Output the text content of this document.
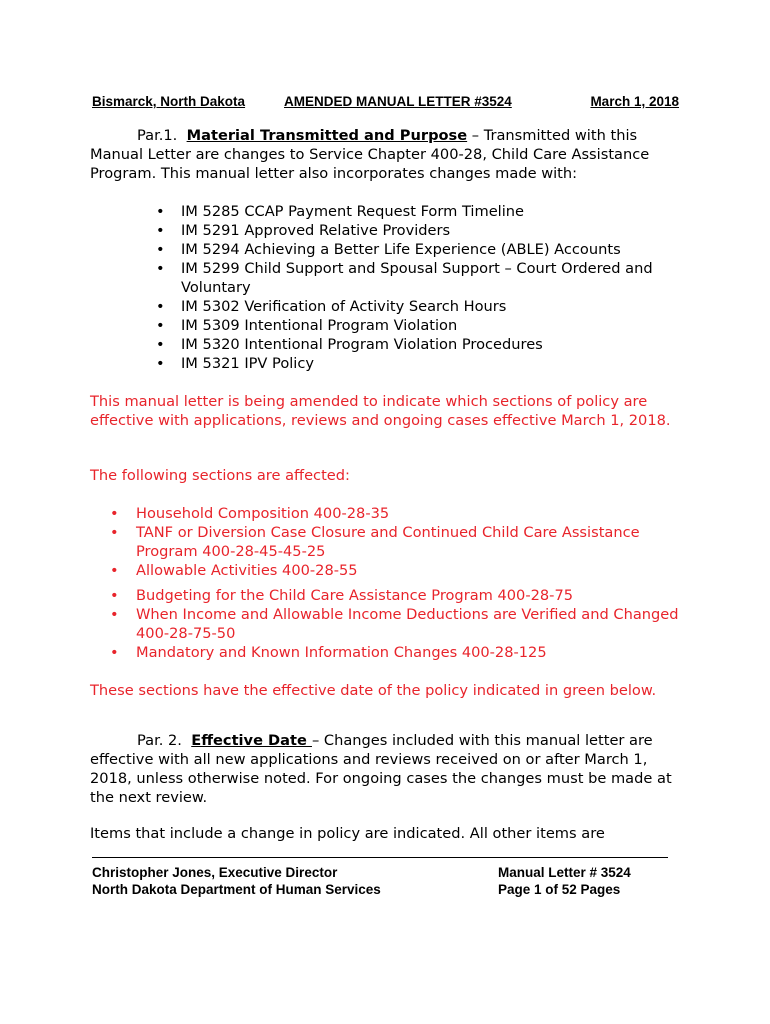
Bismarck, North Dakota	AMENDED MANUAL LETTER #3524	March 1, 2018
Par.1. Material Transmitted and Purpose – Transmitted with this Manual Letter are changes to Service Chapter 400-28, Child Care Assistance Program. This manual letter also incorporates changes made with:
• IM 5285 CCAP Payment Request Form Timeline
• IM 5291 Approved Relative Providers
• IM 5294 Achieving a Better Life Experience (ABLE) Accounts
• IM 5299 Child Support and Spousal Support – Court Ordered and Voluntary
• IM 5302 Verification of Activity Search Hours
• IM 5309 Intentional Program Violation
• IM 5320 Intentional Program Violation Procedures
• IM 5321 IPV Policy
This manual letter is being amended to indicate which sections of policy are effective with applications, reviews and ongoing cases effective March 1, 2018.
The following sections are affected:
• Household Composition 400-28-35
• TANF or Diversion Case Closure and Continued Child Care Assistance Program 400-28-45-45-25
• Allowable Activities 400-28-55
• Budgeting for the Child Care Assistance Program 400-28-75
• When Income and Allowable Income Deductions are Verified and Changed 400-28-75-50
• Mandatory and Known Information Changes 400-28-125
These sections have the effective date of the policy indicated in green below.
Par. 2. Effective Date – Changes included with this manual letter are effective with all new applications and reviews received on or after March 1, 2018, unless otherwise noted. For ongoing cases the changes must be made at the next review.
Items that include a change in policy are indicated. All other items are
Christopher Jones, Executive Director
North Dakota Department of Human Services
Manual Letter # 3524
Page 1 of 52 Pages
